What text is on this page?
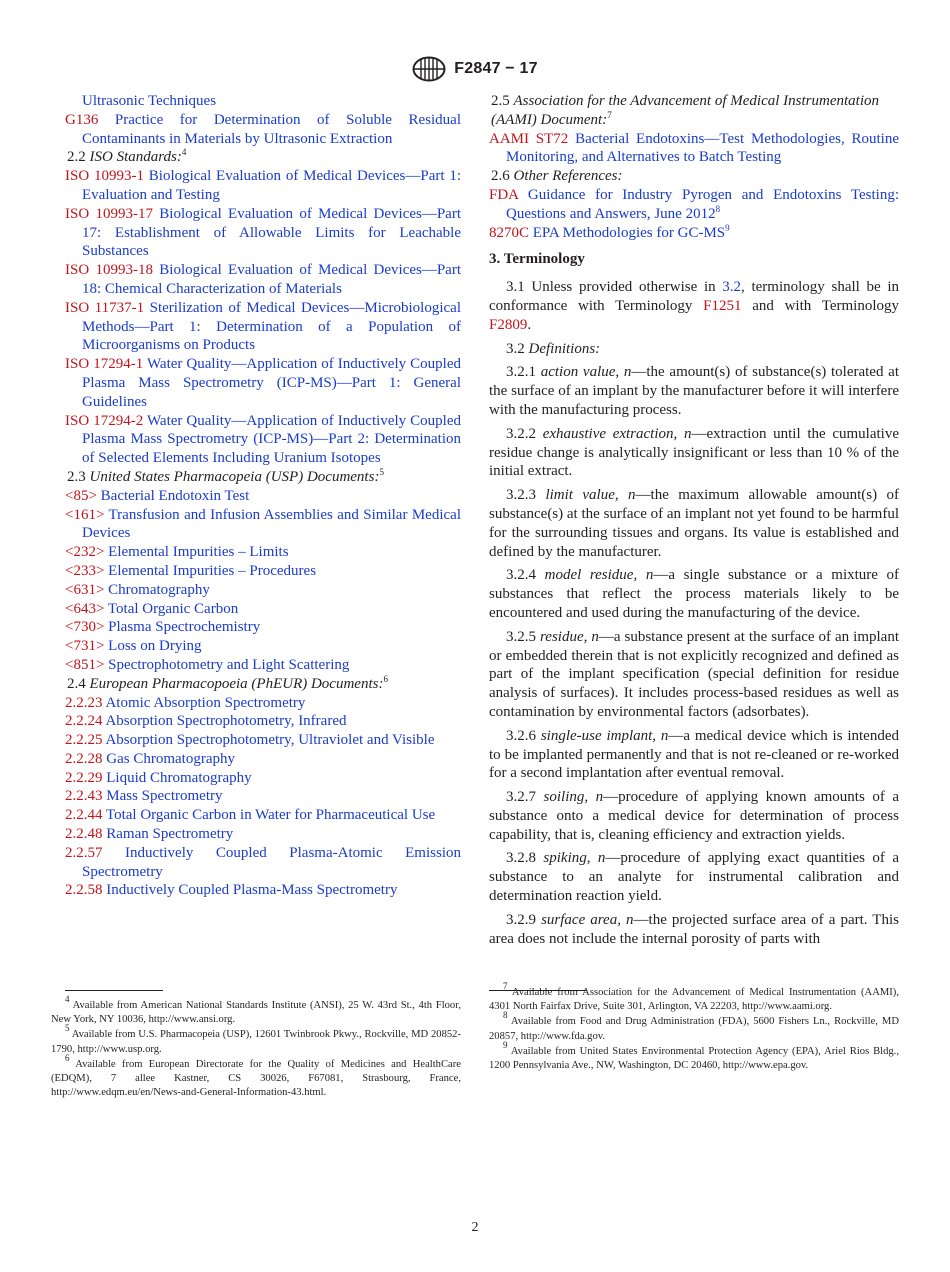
F2847 − 17
Ultrasonic Techniques
G136 Practice for Determination of Soluble Residual Contaminants in Materials by Ultrasonic Extraction
2.2 ISO Standards:$^4$
ISO 10993-1 Biological Evaluation of Medical Devices—Part 1: Evaluation and Testing
ISO 10993-17 Biological Evaluation of Medical Devices—Part 17: Establishment of Allowable Limits for Leachable Substances
ISO 10993-18 Biological Evaluation of Medical Devices—Part 18: Chemical Characterization of Materials
ISO 11737-1 Sterilization of Medical Devices—Microbiological Methods—Part 1: Determination of a Population of Microorganisms on Products
ISO 17294-1 Water Quality—Application of Inductively Coupled Plasma Mass Spectrometry (ICP-MS)—Part 1: General Guidelines
ISO 17294-2 Water Quality—Application of Inductively Coupled Plasma Mass Spectrometry (ICP-MS)—Part 2: Determination of Selected Elements Including Uranium Isotopes
2.3 United States Pharmacopeia (USP) Documents:$^5$
<85> Bacterial Endotoxin Test
<161> Transfusion and Infusion Assemblies and Similar Medical Devices
<232> Elemental Impurities – Limits
<233> Elemental Impurities – Procedures
<631> Chromatography
<643> Total Organic Carbon
<730> Plasma Spectrochemistry
<731> Loss on Drying
<851> Spectrophotometry and Light Scattering
2.4 European Pharmacopoeia (PhEUR) Documents:$^6$
2.2.23 Atomic Absorption Spectrometry
2.2.24 Absorption Spectrophotometry, Infrared
2.2.25 Absorption Spectrophotometry, Ultraviolet and Visible
2.2.28 Gas Chromatography
2.2.29 Liquid Chromatography
2.2.43 Mass Spectrometry
2.2.44 Total Organic Carbon in Water for Pharmaceutical Use
2.2.48 Raman Spectrometry
2.2.57 Inductively Coupled Plasma-Atomic Emission Spectrometry
2.2.58 Inductively Coupled Plasma-Mass Spectrometry
2.5 Association for the Advancement of Medical Instrumentation (AAMI) Document:$^7$
AAMI ST72 Bacterial Endotoxins—Test Methodologies, Routine Monitoring, and Alternatives to Batch Testing
2.6 Other References:
FDA Guidance for Industry Pyrogen and Endotoxins Testing: Questions and Answers, June 2012$^8$
8270C EPA Methodologies for $GC-MS^9$
3. Terminology
3.1 Unless provided otherwise in 3.2, terminology shall be in conformance with Terminology F1251 and with Terminology F2809.
3.2 Definitions:
3.2.1 action value, n—the amount(s) of substance(s) tolerated at the surface of an implant by the manufacturer before it will interfere with the manufacturing process.
3.2.2 exhaustive extraction, n—extraction until the cumulative residue change is analytically insignificant or less than 10 % of the initial extract.
3.2.3 limit value, n—the maximum allowable amount(s) of substance(s) at the surface of an implant not yet found to be harmful for the surrounding tissues and organs. Its value is established and defined by the manufacturer.
3.2.4 model residue, n—a single substance or a mixture of substances that reflect the process materials likely to be encountered and used during the manufacturing of the device.
3.2.5 residue, n—a substance present at the surface of an implant or embedded therein that is not explicitly recognized and defined as part of the implant specification (special definition for residue analysis of surfaces). It includes process-based residues as well as contamination by environmental factors (adsorbates).
3.2.6 single-use implant, n—a medical device which is intended to be implanted permanently and that is not re-cleaned or re-worked for a second implantation after eventual removal.
3.2.7 soiling, n—procedure of applying known amounts of a substance onto a medical device for determination of process capability, that is, cleaning efficiency and extraction yields.
3.2.8 spiking, n—procedure of applying exact quantities of a substance to an analyte for instrumental calibration and determination reaction yield.
3.2.9 surface area, n—the projected surface area of a part. This area does not include the internal porosity of parts with
$^4$ Available from American National Standards Institute (ANSI), 25 W. 43rd St., 4th Floor, New York, NY 10036, http://www.ansi.org.
$^5$ Available from U.S. Pharmacopeia (USP), 12601 Twinbrook Pkwy., Rockville, MD 20852-1790, http://www.usp.org.
$^6$ Available from European Directorate for the Quality of Medicines and HealthCare (EDQM), 7 allee Kastner, CS 30026, F67081, Strasbourg, France, http://www.edqm.eu/en/News-and-General-Information-43.html.
$^7$ Available from Association for the Advancement of Medical Instrumentation (AAMI), 4301 North Fairfax Drive, Suite 301, Arlington, VA 22203, http://www.aami.org.
$^8$ Available from Food and Drug Administration (FDA), 5600 Fishers Ln., Rockville, MD 20857, http://www.fda.gov.
$^9$ Available from United States Environmental Protection Agency (EPA), Ariel Rios Bldg., 1200 Pennsylvania Ave., NW, Washington, DC 20460, http://www.epa.gov.
2
